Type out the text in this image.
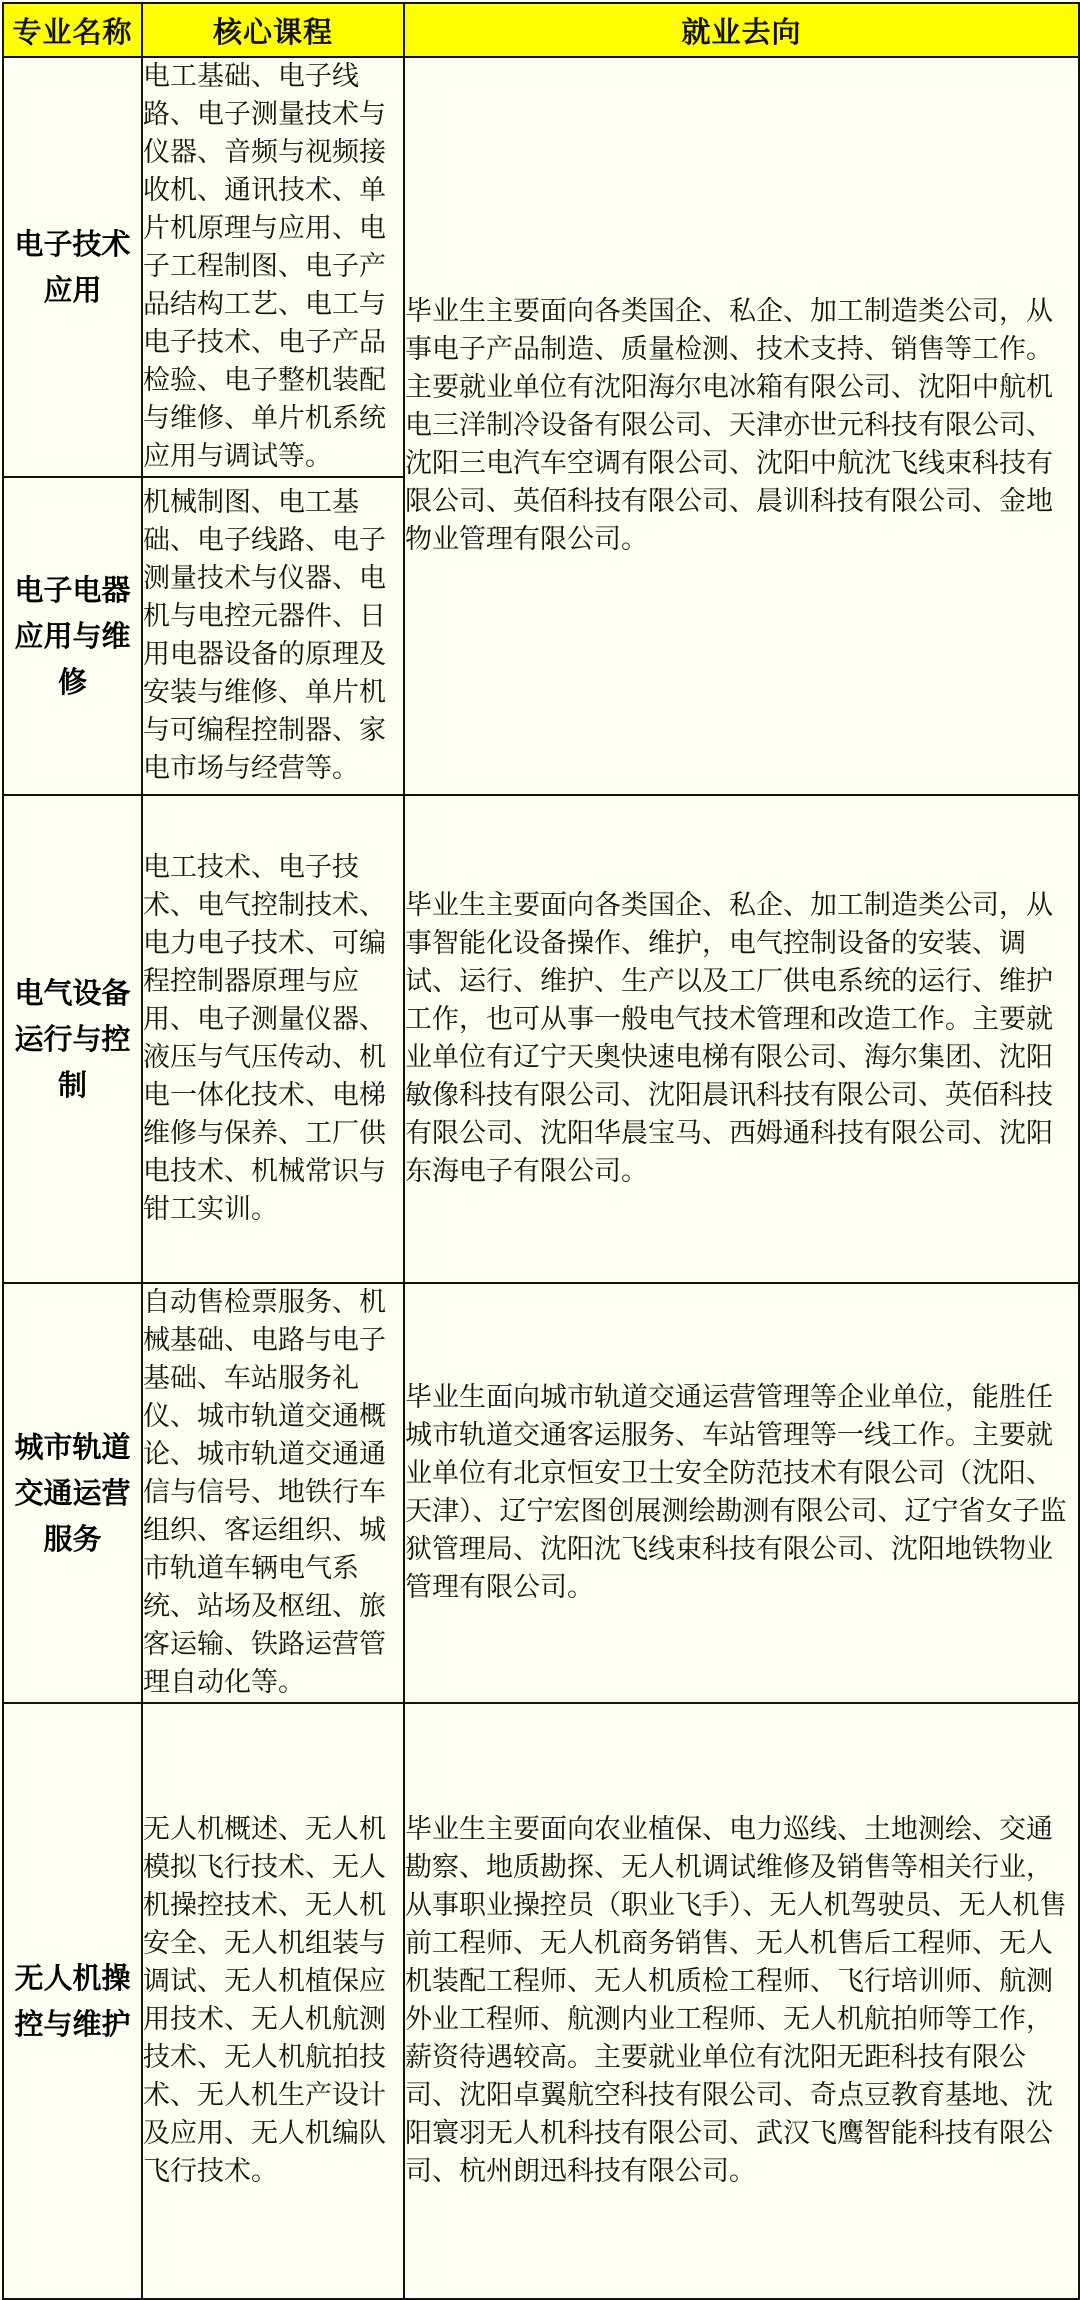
专业名称	核心课程	就业去向
电子技术应用	电工基础、电子线路、电子测量技术与仪器、音频与视频接收机、通讯技术、单片机原理与应用、电子工程制图、电子产品结构工艺、电工与电子技术、电子产品检验、电子整机装配与维修、单片机系统应用与调试等。	毕业生主要面向各类国企、私企、加工制造类公司，从事电子产品制造、质量检测、技术支持、销售等工作。主要就业单位有沈阳海尔电冰箱有限公司、沈阳中航机电三洋制冷设备有限公司、天津亦世元科技有限公司、沈阳三电汽车空调有限公司、沈阳中航沈飞线束科技有限公司、英佰科技有限公司、晨训科技有限公司、金地物业管理有限公司。
电子电器应用与维修	机械制图、电工基础、电子线路、电子测量技术与仪器、电机与电控元器件、日用电器设备的原理及安装与维修、单片机与可编程控制器、家电市场与经营等。	
电气设备运行与控制	电工技术、电子技术、电气控制技术、电力电子技术、可编程控制器原理与应用、电子测量仪器、液压与气压传动、机电一体化技术、电梯维修与保养、工厂供电技术、机械常识与钳工实训。	毕业生主要面向各类国企、私企、加工制造类公司，从事智能化设备操作、维护，电气控制设备的安装、调试、运行、维护、生产以及工厂供电系统的运行、维护工作，也可从事一般电气技术管理和改造工作。主要就业单位有辽宁天奥快速电梯有限公司、海尔集团、沈阳敏像科技有限公司、沈阳晨讯科技有限公司、英佰科技有限公司、沈阳华晨宝马、西姆通科技有限公司、沈阳东海电子有限公司。
城市轨道交通运营服务	自动售检票服务、机械基础、电路与电子基础、车站服务礼仪、城市轨道交通概论、城市轨道交通通信与信号、地铁行车组织、客运组织、城市轨道车辆电气系统、站场及枢纽、旅客运输、铁路运营管理自动化等。	毕业生面向城市轨道交通运营管理等企业单位，能胜任城市轨道交通客运服务、车站管理等一线工作。主要就业单位有北京恒安卫士安全防范技术有限公司（沈阳、天津）、辽宁宏图创展测绘勘测有限公司、辽宁省女子监狱管理局、沈阳沈飞线束科技有限公司、沈阳地铁物业管理有限公司。
无人机操控与维护	无人机概述、无人机模拟飞行技术、无人机操控技术、无人机安全、无人机组装与调试、无人机植保应用技术、无人机航测技术、无人机航拍技术、无人机生产设计及应用、无人机编队飞行技术。	毕业生主要面向农业植保、电力巡线、土地测绘、交通勘察、地质勘探、无人机调试维修及销售等相关行业，从事职业操控员（职业飞手）、无人机驾驶员、无人机售前工程师、无人机商务销售、无人机售后工程师、无人机装配工程师、无人机质检工程师、飞行培训师、航测外业工程师、航测内业工程师、无人机航拍师等工作，薪资待遇较高。主要就业单位有沈阳无距科技有限公司、沈阳卓翼航空科技有限公司、奇点豆教育基地、沈阳寰羽无人机科技有限公司、武汉飞鹰智能科技有限公司、杭州朗迅科技有限公司。
